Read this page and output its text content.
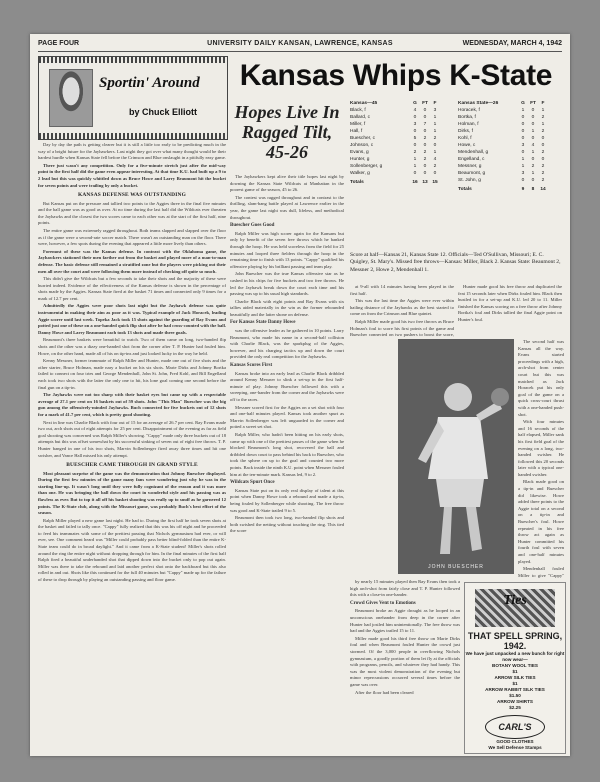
PAGE FOUR	UNIVERSITY DAILY KANSAN, LAWRENCE, KANSAS	WEDNESDAY, MARCH 4, 1942
Sportin' Around
by Chuck Elliott

Day by day the path is getting clearer but it is still a little too early to be predicting much in the way of a bright future for the Jayhawkers. Last night they got over what many thought would be their hardest hurdle when Kansas State fell before the Crimson and Blue onslaught in a pitifully easy game.

There just wasn't any competition. Only for a five-minute stretch just after the mid-way point in the first half did the game even appear interesting. At that time K.U. had built up a 9 to 2 lead but this was quickly whittled down as Bruce Howe and Larry Beaumont hit the bucket for seven points and were trailing by only a bucket.

KANSAS DEFENSE WAS OUTSTANDING

But Kansas put on the pressure and tallied two points to the Aggies three in the final five minutes and the ball game was as good as over. At no time during the last half did the Wildcats ever threaten the Jayhawks and the closest the two scores came to each other was at the start of the first half, nine points.

The entire game was extremely ragged throughout. Both teams slapped and slapped over the floor as if the game were a second-rate soccer match. There wasn't an outstanding man on the floor. There were, however, a few spots during the evening that appeared a little more lively than others.

Foremost of these was the Kansas defense. In contrast with the Oklahoma game, the Jayhawkers stationed their men farther out from the basket and played more of a man-to-man defense. The basic defense still remained a stratified zone but the players were picking out their men all over the court and were following them more instead of checking off quite so much.

This didn't give the Wildcats but a few seconds to take their shots and the majority of these were hurried indeed. Evidence of the effectiveness of the Kansas defense is shown in the percentage of shots made by the Aggies. Kansas State fired at the basket 71 times and connected only 9 times for a mark of 12.7 per cent.

Admittedly the Aggies were poor shots last night but the Jayhawk defense was quite instrumental in making their aim as poor as it was. Typical example of Jack Horacek, leading Aggie scorer until last week. Topeka Jack took 15 shots against the guarding of Ray Evans and potted just one of these on a one-handed quick flip shot after he had cross-counted with the ball. Danny Howe and Larry Beaumont each took 13 shots and made three goals.

Beaumont's three baskets were beautiful to watch. Two of them came on long, two-handed flip shots and the other was a dizzy one-handed shot from the corner after T. P. Hunter had fouled him. Howe, on the other hand, made all of his on tip-ins and just looked lucky in the way he held.

Kenny Messner, former teammate of Ralph Miller and Hunter, made one out of five shots and the other starter, Bruce Holman, made nary a bucket on his six shots. Marie Dirks and Johnny Bortka failed to connect on four tries and George Mendenhall, John St. John, Fred Kohl, and Bill Engelland each took two shots with the latter the only one to hit, his lone goal coming one second before the final gun on a tip-in.

The Jayhawks were not too sharp with their basket eyes but came up with a respectable average of 27.1 per cent on 16 baskets out of 59 shots. John "This Man" Buescher was the big gun among the offensively-minded Jayhawks. Buch connected for five buckets out of 12 shots for a mark of 41.7 per cent, which is pretty good shooting.

Next in line was Charlie Black with four out of 15 for an average of 26.7 per cent. Ray Evans made two out, arch shots out of eight attempts for 25 per cent. Disappointment of the evening as far as field goal shooting was concerned was Ralph Miller's showing. "Cappy" made only three buckets out of 18 attempts but this was offset somewhat by his successful sinking of seven out of eight free throws. T. P. Hunter banged in one of his two shots, Marvin Sollenberger fired away three times and hit one swisher, and Vance Hall missed his only attempt.

BUESCHER CAME THROUGH IN GRAND STYLE

Most pleasant surprise of the game was the demonstration that Johnny Buescher displayed. During the first few minutes of the game many fans were wondering just why he was in the starting line-up. It wasn't long until they were fully cognizant of the reason and it was more than one. He was bringing the ball down the court in wonderful style and his passing was as flawless as ever. But to top it all off his basket shooting was really up to snuff as he garnered 12 points. The K-State club, along with the Missouri game, was probably Buch's best effort of the season.

Ralph Miller played a new game last night. He had to. During the first half he took seven shots at the basket and failed to tally once. "Cappy" fully realized that this was his off night and he proceeded to feed his teammates with some of the prettiest passing that Nichols gymnasium had ever, or will ever, see. One comment heard was "Miller could probably pass better blind-folded than the entire K-State team could do in broad daylight." And it came from a K-State student! Miller's shots rolled around the ring the entire night without dropping through for him. In the final minutes of the first half Ralph fired a beautiful underhanded shot that dipped down into the bucket only to pop out again. Miller was there to take the rebound and laid another perfect shot onto the backboard but this also rolled in and out. Shots like this continued for the full 40 minutes but "Cappy" made up for the failure of these to drop through by playing an outstanding passing and floor game.

Kansas Whips K-State
Hopes Live In Ragged Tilt, 45-26

The Jayhawkers kept alive their title hopes last night by downing the Kansas State Wildcats at Manhattan in the poorest game of the season, 45 to 26.

The contest was ragged throughout and in contrast to the thrilling, slam-bang battle played at Lawrence earlier in the year, the game last night was dull, lifeless, and methodical throughout.

Buescher Goes Good

Ralph Miller was high scorer again for the Kansans but only by benefit of the seven free throws which he banked through the hoop. He was held scoreless from the field for 25 minutes and looped three fielders through the hoop in the remaining time to finish with 13 points. "Cappy" qualified his offensive playing by his brilliant passing and team play.

John Buescher was the true Kansas offensive star as he cashed in his chips for five buckets and two free throws. He led the Jayhawk break down the court each time and his passing was up to his usual high standards.

Charlie Black with eight points and Ray Evans with six tallies aided materially in the win as the former rebounded beautifully and the latter shone on defense.

For Kansas State Danny Howe

was the offensive leader as he gathered in 10 points. Larry Beaumont, who made his name in a second-half collision with Charlie Black, was the sparkplug of the Aggies, however, and his charging tactics up and down the court provided the only real competition for the Jayhawks.

Kansas Scores First

Kansas broke into an early lead as Charlie Black dribbled around Kenny Messner to slink a set-up in the first half-minute of play. Johnny Buescher followed this with a sweeping, one-hander from the corner and the Jayhawks were off to the races.

Messner scored first for the Aggies on a set shot with four and one-half minutes played. Kansas took another spurt as Marvin Sollenberger was left unguarded in the corner and potted a sweet set shot.

Ralph Miller, who hadn't been hitting on his early shots, came up with one of the prettiest passes of the game when he blocked Beaumont's long shot, recovered the ball and dribbled down court to pass behind his back to Buescher, who took the sphere on up to the goal and counted two more points. Back inside the ninth K.U. point when Messner fouled him at the ten-minute mark. Kansas led, 9 to 2.

Wildcats Spurt Once

Kansas State put on its only real display of talent at this point when Danny Howe took a rebound and made a tip-in, being fouled by Sollenberger while shooting. The free throw was good and K-State trailed 9 to 5.

Beaumont then took two long, two-handed flip shots and both swished the netting without touching the ring. This tied the score

Kansas—45	G FT F
Black, f	4 0 3
Ballard, c	0 0 1
Miller, f	3 7 1
Hall, f	0 0 1
Buescher, c	5 2 2
Johnson, c	0 0 0
Evans, g	2 2 1
Hunter, g	1 2 4
Sollenberger, g	1 0 2
Walker, g	0 0 0
Totals	16 13 15
Kansas State—26	G FT F
Horacek, f	1 0 1
Bortka, f	0 0 2
Holman, f	0 0 1
Dirks, f	0 1 2
Kohl, f	0 0 0
Howe, c	3 4 0
Mendenhall, g	0 1 2
Engelland, c	1 0 0
Messner, g	1 2 2
Beaumont, g	3 1 2
St. John, g	0 0 2
Totals	9 8 14
Score at half—Kansas 21, Kansas State 12. Officials—Ted O'Sullivan, Missouri; E. C. Quigley, St. Mary's. Missed free throws—Kansas: Miller, Black 2. Kansas State: Beaumont 2, Messner 2, Howe 2, Mendenhall 1.

at 9-all with 14 minutes having been played in the first half.

This was the last time the Aggies were ever within hailing distance of the Jayhawks as the best started to come on from the Crimson and Blue quintet.

Ralph Miller made good his two free throws as Bruce Holman's foul to score his first points of the game and Buescher connected on two pushers to boost the score,

Hunter made good his free throw and duplicated the feat 15 seconds later when Dirks fouled him. Black then hustled in for a set-up and K.U. led 20 to 11. Miller finished the Kansas scoring on a free throw after Johnny Bortka's foul and Dirks tallied the final Aggie point on Hunter's foul.

JOHN BUESCHER

by nearly 15 minutes played then Ray Evans then took a high arch-shot from fairly close and T. P. Hunter followed this with a close-in one-hander.

Crowd Gives Vent to Emotions

Beaumont broke an Aggie drought as he looped in an unconscious onehander from deep in the corner after Hunter had jostled him unintentionally. The free throw was bad and the Aggies trailed 15 to 11.

Miller made good his third free throw on Marie Dirks foul and when Beaumont fouled Hunter the crowd just stormed. Of the 3,000 people in overflowing Nichols gymnasium, a goodly portion of them let fly at the officials with programs, pencils, and whatever they had handy. This was the most violent demonstration of the evening but minor repercussions occurred several times before the game was over.

After the floor had been cleared

The second half was Kansas all the way. Evans started proceedings with a high, arch-shot from center court but this was matched as Jack Horacek put his only goal of the game on a quick cross-court thrust with a one-handed push-shot.

With four minutes and 16 seconds of the half elapsed, Miller sank his first field goal of the evening on a long, two-handed swisher. He followed this 20 seconds later with a typical one-handed swisher.

Black made good on a tip-in and Buescher did likewise. Howe added three points to the Aggie total on a second on a tip-in and Buescher's foul. Howe repeated in his free throw act again as Hunter committed his fourth foul with seven and one-half minutes played.

Mendenhall fouled Miller to give "Cappy"

Ties
THAT SPELL SPRING, 1942.
We have just unpacked a new bunch for right now wear—
BOTANY WOOL TIES
$1
ARROW SILK TIES
$1
ARROW RABBIT SILK TIES
$1.50
ARROW SHIRTS
$2.25
CARL'S
GOOD CLOTHES
We Sell Defense Stamps
